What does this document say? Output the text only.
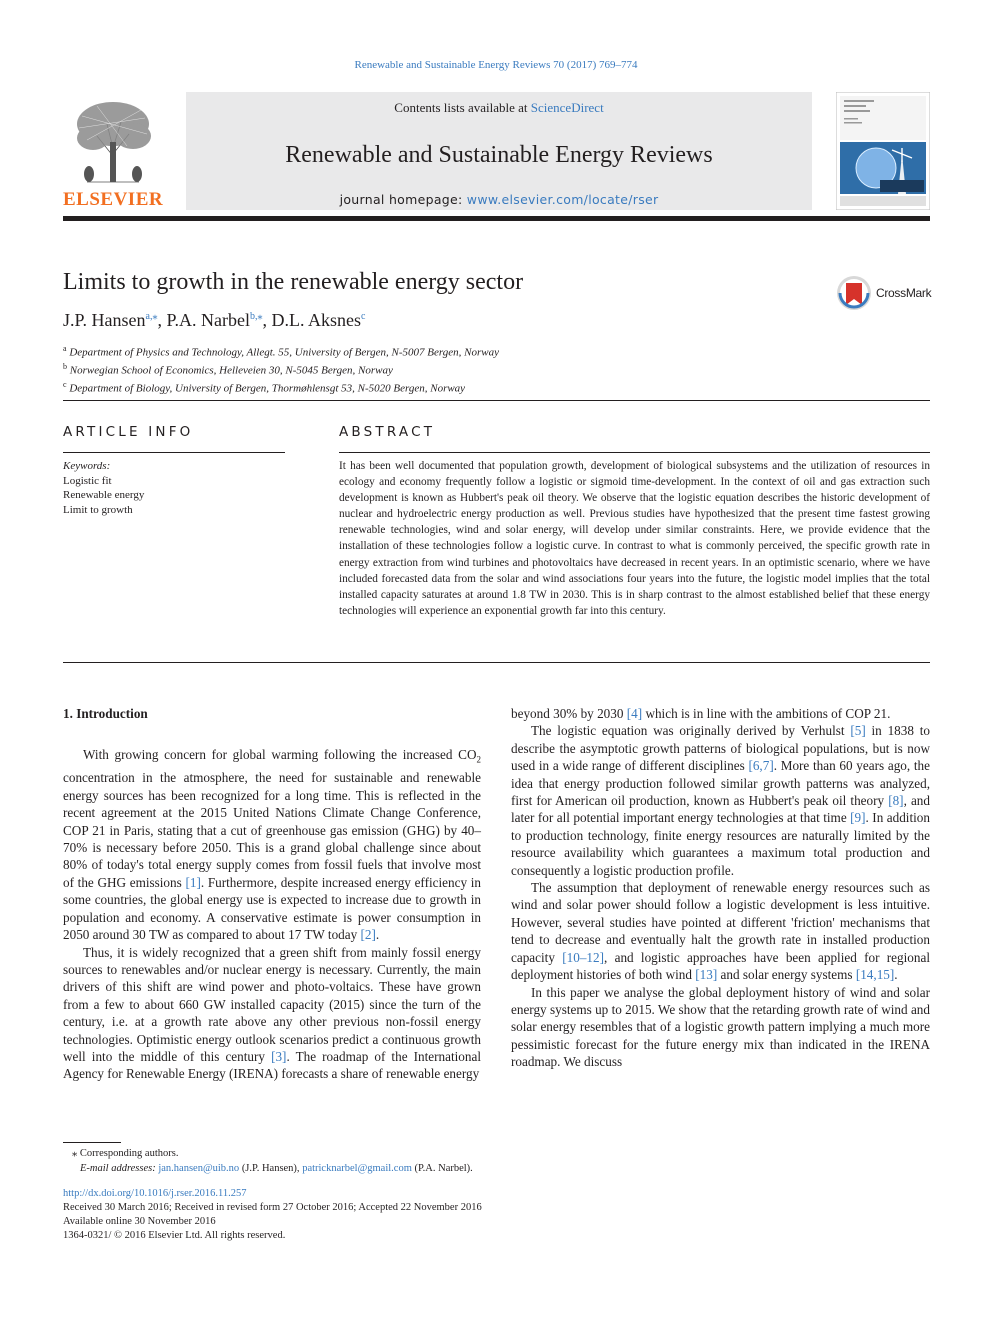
Renewable and Sustainable Energy Reviews 70 (2017) 769–774
ELSEVIER
Contents lists available at ScienceDirect
Renewable and Sustainable Energy Reviews
journal homepage: www.elsevier.com/locate/rser
Limits to growth in the renewable energy sector	CrossMark
J.P. Hansen$^{a,⁎}$, P.A. Narbel$^{b,⁎}$, D.L. Aksnes$^c$
$^a$ Department of Physics and Technology, Allegt. 55, University of Bergen, N-5007 Bergen, Norway
$^b$ Norwegian School of Economics, Helleveien 30, N-5045 Bergen, Norway
$^c$ Department of Biology, University of Bergen, Thormøhlensgt 53, N-5020 Bergen, Norway
ARTICLE INFO
Keywords:
Logistic fit
Renewable energy
Limit to growth
ABSTRACT
It has been well documented that population growth, development of biological subsystems and the utilization of resources in ecology and economy frequently follow a logistic or sigmoid time-development. In the context of oil and gas extraction such development is known as Hubbert's peak oil theory. We observe that the logistic equation describes the historic development of nuclear and hydroelectric energy production as well. Previous studies have hypothesized that the present time fastest growing renewable technologies, wind and solar energy, will develop under similar constraints. Here, we provide evidence that the installation of these technologies follow a logistic curve. In contrast to what is commonly perceived, the specific growth rate in energy extraction from wind turbines and photovoltaics have decreased in recent years. In an optimistic scenario, where we have included forecasted data from the solar and wind associations four years into the future, the logistic model implies that the total installed capacity saturates at around 1.8 TW in 2030. This is in sharp contrast to the almost established belief that these energy technologies will experience an exponential growth far into this century.
1. Introduction

With growing concern for global warming following the increased $CO_2$ concentration in the atmosphere, the need for sustainable and renewable energy sources has been recognized for a long time. This is reflected in the recent agreement at the 2015 United Nations Climate Change Conference, COP 21 in Paris, stating that a cut of greenhouse gas emission (GHG) by 40–70% is necessary before 2050. This is a grand global challenge since about 80% of today's total energy supply comes from fossil fuels that involve most of the GHG emissions [1]. Furthermore, despite increased energy efficiency in some countries, the global energy use is expected to increase due to growth in population and economy. A conservative estimate is power consumption in 2050 around 30 TW as compared to about 17 TW today [2].

Thus, it is widely recognized that a green shift from mainly fossil energy sources to renewables and/or nuclear energy is necessary. Currently, the main drivers of this shift are wind power and photo-voltaics. These have grown from a few to about 660 GW installed capacity (2015) since the turn of the century, i.e. at a growth rate above any other previous non-fossil energy technologies. Optimistic energy outlook scenarios predict a continuous growth well into the middle of this century [3]. The roadmap of the International Agency for Renewable Energy (IRENA) forecasts a share of renewable energy

beyond 30% by 2030 [4] which is in line with the ambitions of COP 21.

The logistic equation was originally derived by Verhulst [5] in 1838 to describe the asymptotic growth patterns of biological populations, but is now used in a wide range of different disciplines [6,7]. More than 60 years ago, the idea that energy production followed similar growth patterns was analyzed, first for American oil production, known as Hubbert's peak oil theory [8], and later for all potential important energy technologies at that time [9]. In addition to production technology, finite energy resources are naturally limited by the resource availability which guarantees a maximum total production and consequently a logistic production profile.

The assumption that deployment of renewable energy resources such as wind and solar power should follow a logistic development is less intuitive. However, several studies have pointed at different 'friction' mechanisms that tend to decrease and eventually halt the growth rate in installed production capacity [10–12], and logistic approaches have been applied for regional deployment histories of both wind [13] and solar energy systems [14,15].

In this paper we analyse the global deployment history of wind and solar energy systems up to 2015. We show that the retarding growth rate of wind and solar energy resembles that of a logistic growth pattern implying a much more pessimistic forecast for the future energy mix than indicated in the IRENA roadmap. We discuss

⁎ Corresponding authors.
E-mail addresses: jan.hansen@uib.no (J.P. Hansen), patricknarbel@gmail.com (P.A. Narbel).
http://dx.doi.org/10.1016/j.rser.2016.11.257
Received 30 March 2016; Received in revised form 27 October 2016; Accepted 22 November 2016
Available online 30 November 2016
1364-0321/ © 2016 Elsevier Ltd. All rights reserved.
